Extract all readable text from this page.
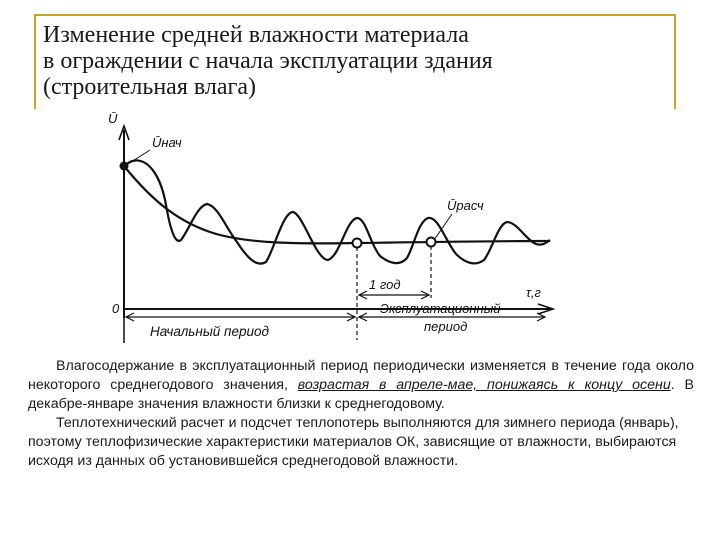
Изменение средней влажности материала
в ограждении с начала эксплуатации здания
(строительная влага)
Ū
τ,г
0
Ūнач
Ūрасч
1 год
Начальный период
Эксплуатационный
период

Влагосодержание в эксплуатационный период периодически изменяется в течение года около некоторого среднегодового значения, возрастая в апреле-мае, понижаясь к концу осени. В декабре-январе значения влажности близки к среднегодовому.

Теплотехнический расчет и подсчет теплопотерь выполняются для зимнего периода (январь), поэтому теплофизические характеристики материалов ОК, зависящие от влажности, выбираются исходя из данных об установившейся среднегодовой влажности.
